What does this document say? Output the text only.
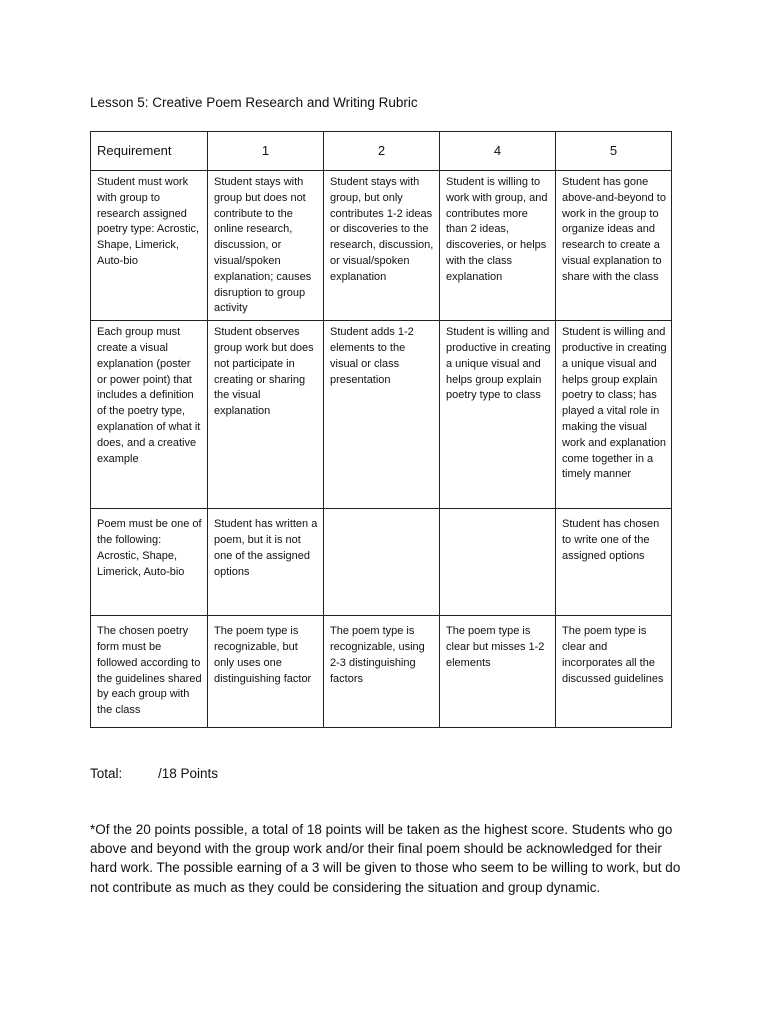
Lesson 5: Creative Poem Research and Writing Rubric
Requirement	1	2	4	5
Student must work with group to research assigned poetry type: Acrostic, Shape, Limerick, Auto-bio	Student stays with group but does not contribute to the online research, discussion, or visual/spoken explanation; causes disruption to group activity	Student stays with group, but only contributes 1-2 ideas or discoveries to the research, discussion, or visual/spoken explanation	Student is willing to work with group, and contributes more than 2 ideas, discoveries, or helps with the class explanation	Student has gone above-and-beyond to work in the group to organize ideas and research to create a visual explanation to share with the class
Each group must create a visual explanation (poster or power point) that includes a definition of the poetry type, explanation of what it does, and a creative example	Student observes group work but does not participate in creating or sharing the visual explanation	Student adds 1-2 elements to the visual or class presentation	Student is willing and productive in creating a unique visual and helps group explain poetry type to class	Student is willing and productive in creating a unique visual and helps group explain poetry to class; has played a vital role in making the visual work and explanation come together in a timely manner
Poem must be one of the following: Acrostic, Shape, Limerick, Auto-bio	Student has written a poem, but it is not one of the assigned options			Student has chosen to write one of the assigned options
The chosen poetry form must be followed according to the guidelines shared by each group with the class	The poem type is recognizable, but only uses one distinguishing factor	The poem type is recognizable, using 2-3 distinguishing factors	The poem type is clear but misses 1-2 elements	The poem type is clear and incorporates all the discussed guidelines
Total:	/18 Points
*Of the 20 points possible, a total of 18 points will be taken as the highest score. Students who go above and beyond with the group work and/or their final poem should be acknowledged for their hard work. The possible earning of a 3 will be given to those who seem to be willing to work, but do not contribute as much as they could be considering the situation and group dynamic.
